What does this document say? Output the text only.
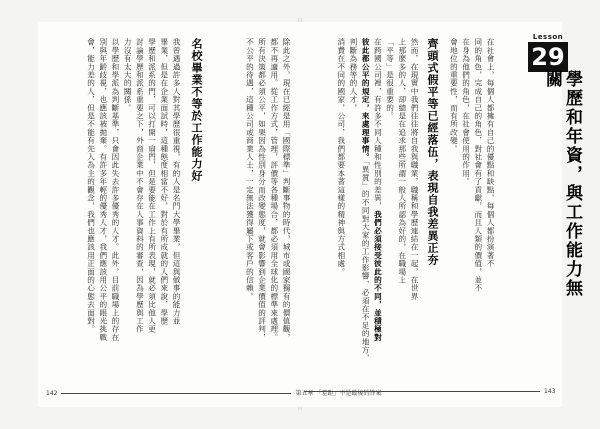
除此之外，現在已經是用「國際標準」判斷事物的時代，城市或國家獨有的價值觀，

都不再適用。從工作方式，管理，評價等各種場合，都必須用全球化的標準來處理。

所有決策都必須公平，如果因為性別身分而改變態度，就會影響到企業價值的評判，

不公平的待遇，這種公司或商業人士，一定無法獲得屬下或客戶的信賴。

名校畢業不等於工作能力好

我曾遇過許多人對其學歷很重視，有的人是名門大學畢業，但這與做事的能力並

畢業，但是在企業面試時，這種態度相當不好，對於有所成就的人們來說，學歷

學歷和派系的門，可以打開一扇門，但是要能在工作上有所表現，就必須比他人更

討論學歷和派系重要之下，外商企業中不會存在人事資料的審查，因為學歷與工作

力沒有太大的關係。

以學歷和學派為判斷基準，只會因此失去許多優秀的人才。此外，目前職場上的存在

別與年齡歧視，也應該被拋棄。有許多年輕的優秀人才，我們應該用公平的眼光挑戰

會，能力差的人，但是不能有先入為主的觀念，我們也應該用正面的心態去面對。	在社會上，每個人都擁有自己的優點和缺點，每個人都扮演著不

同的角色，完成自己的角色，對社會有了貢獻，而且人類的價值，並不

在身為他們的角色，在社會使用的作用。

會地位的重要性，而有所改變。

齊頭式假平等已經落伍，表現自我差異正夯

然而，在現實中我們往往將自我與職業，職稱和學歷連結在一起，在世界

上那麼多的人，卻總是在追求那些所謂一般人所認為好的，在職場上

「平等」是很重要的。

在跨國公司裡，有許多不同人種和性別的差異，我們必須接受彼此的不同，並積極對

彼此都公平的規定，來處理事情。「異質」的不同對大家的工作影響，必須在不足的地方，

判斷為務等的人才，

消費在不同的國家，公司，我們都要本著這樣的精神與方式相處。

Lesson
29
學歷和年資，與工作能力無關
142	第五章 「差距」不是最後的答案	143
